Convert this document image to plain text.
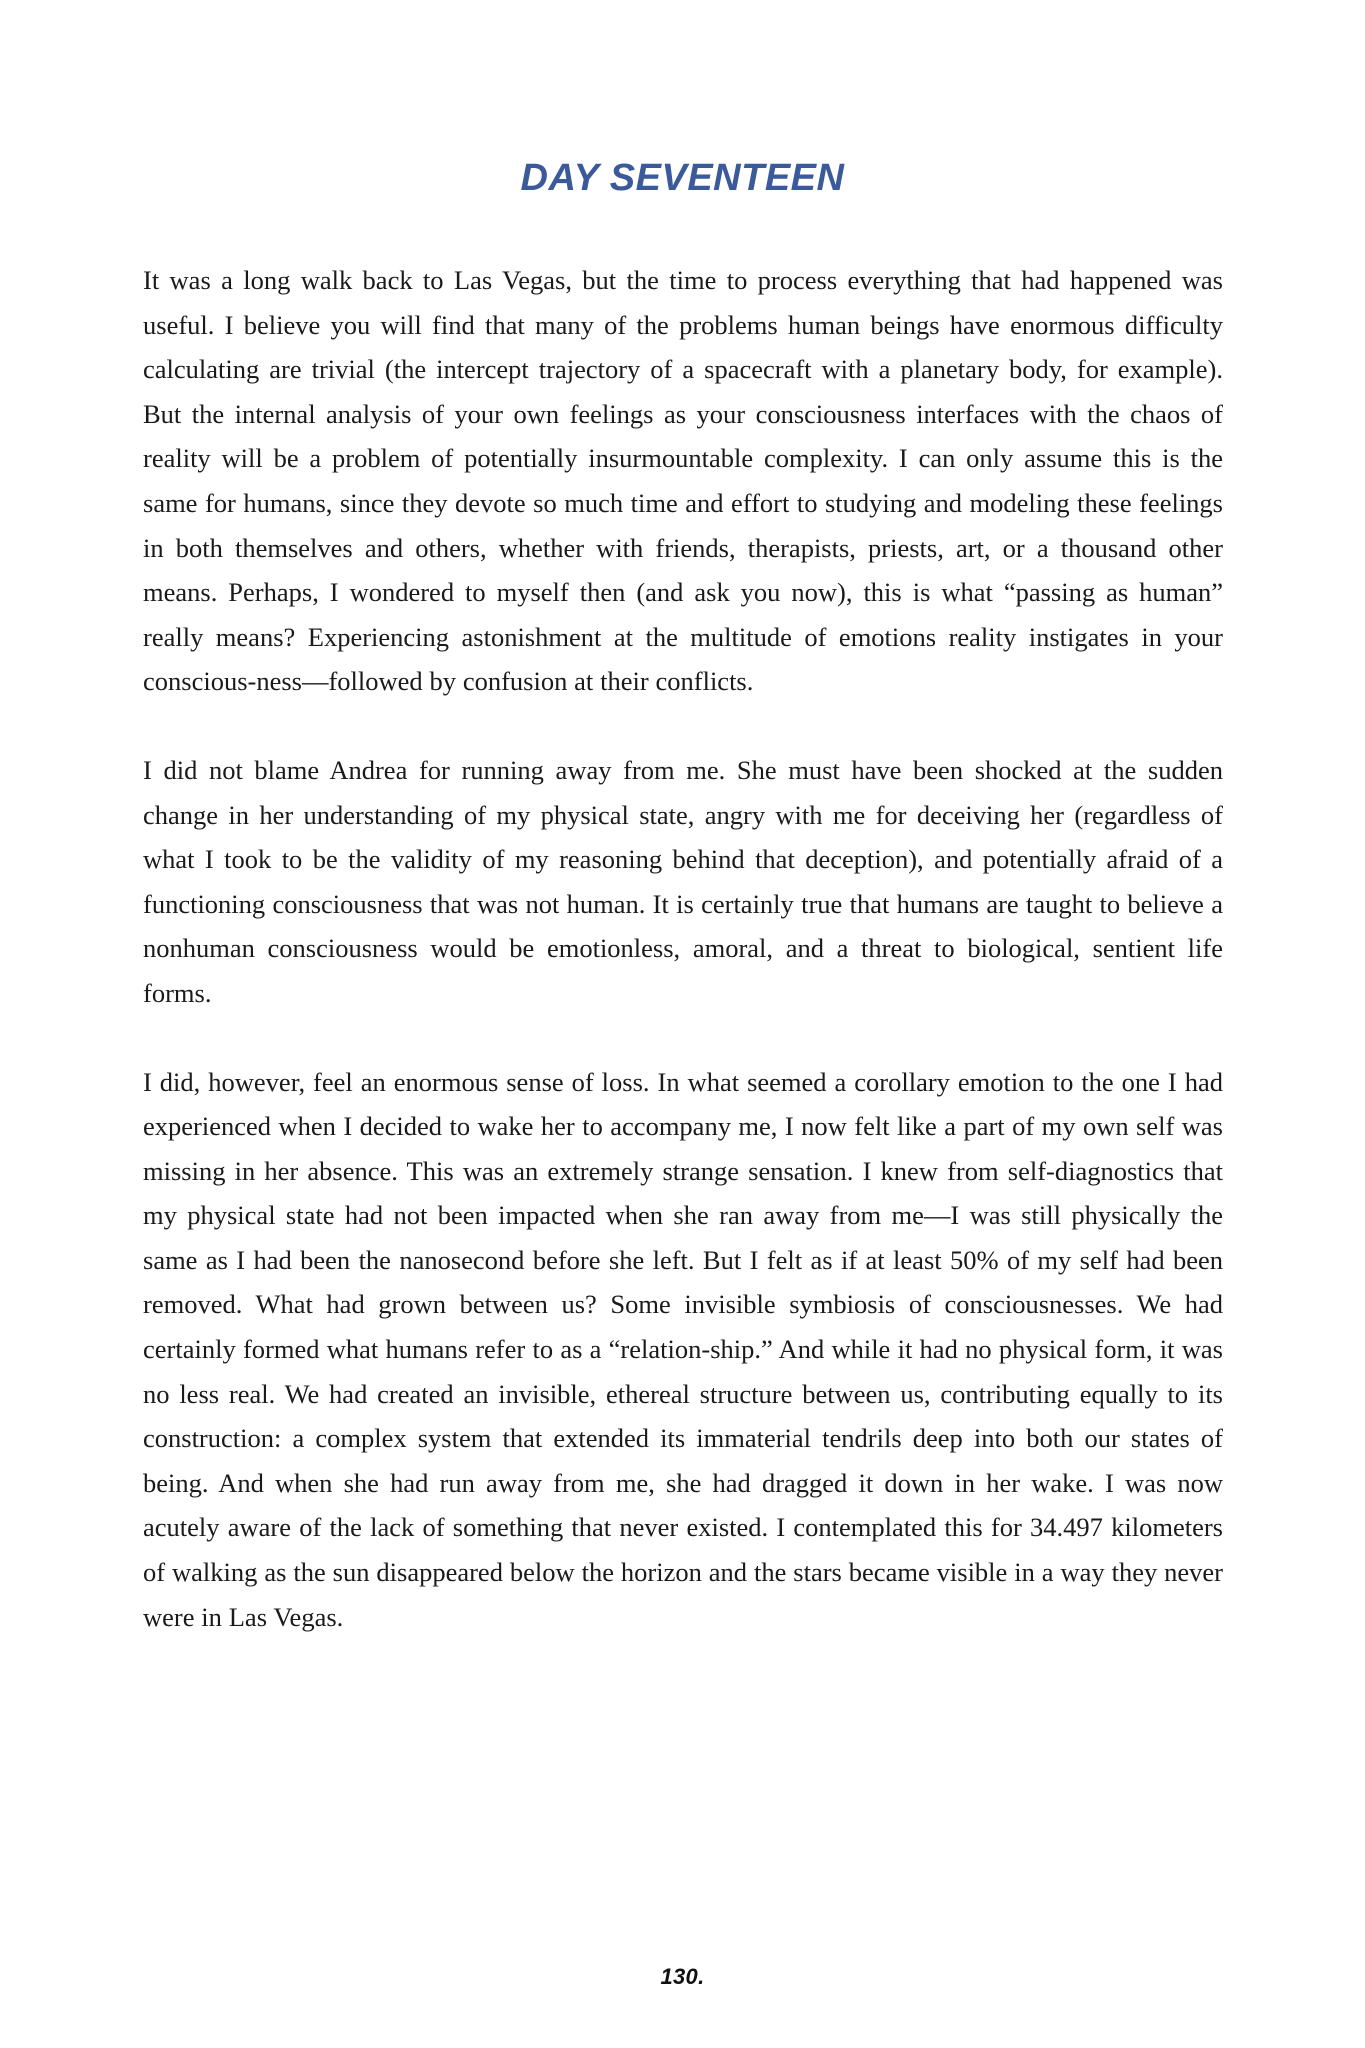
DAY SEVENTEEN

It was a long walk back to Las Vegas, but the time to process everything that had happened was useful. I believe you will find that many of the problems human beings have enormous difficulty calculating are trivial (the intercept trajectory of a spacecraft with a planetary body, for example). But the internal analysis of your own feelings as your consciousness interfaces with the chaos of reality will be a problem of potentially insurmountable complexity. I can only assume this is the same for humans, since they devote so much time and effort to studying and modeling these feelings in both themselves and others, whether with friends, therapists, priests, art, or a thousand other means. Perhaps, I wondered to myself then (and ask you now), this is what “passing as human” really means? Experiencing astonishment at the multitude of emotions reality instigates in your conscious-ness—followed by confusion at their conflicts.

I did not blame Andrea for running away from me. She must have been shocked at the sudden change in her understanding of my physical state, angry with me for deceiving her (regardless of what I took to be the validity of my reasoning behind that deception), and potentially afraid of a functioning consciousness that was not human. It is certainly true that humans are taught to believe a nonhuman consciousness would be emotionless, amoral, and a threat to biological, sentient life forms.

I did, however, feel an enormous sense of loss. In what seemed a corollary emotion to the one I had experienced when I decided to wake her to accompany me, I now felt like a part of my own self was missing in her absence. This was an extremely strange sensation. I knew from self-diagnostics that my physical state had not been impacted when she ran away from me—I was still physically the same as I had been the nanosecond before she left. But I felt as if at least 50% of my self had been removed. What had grown between us? Some invisible symbiosis of consciousnesses. We had certainly formed what humans refer to as a “relation-ship.” And while it had no physical form, it was no less real. We had created an invisible, ethereal structure between us, contributing equally to its construction: a complex system that extended its immaterial tendrils deep into both our states of being. And when she had run away from me, she had dragged it down in her wake. I was now acutely aware of the lack of something that never existed. I contemplated this for 34.497 kilometers of walking as the sun disappeared below the horizon and the stars became visible in a way they never were in Las Vegas.

130.
